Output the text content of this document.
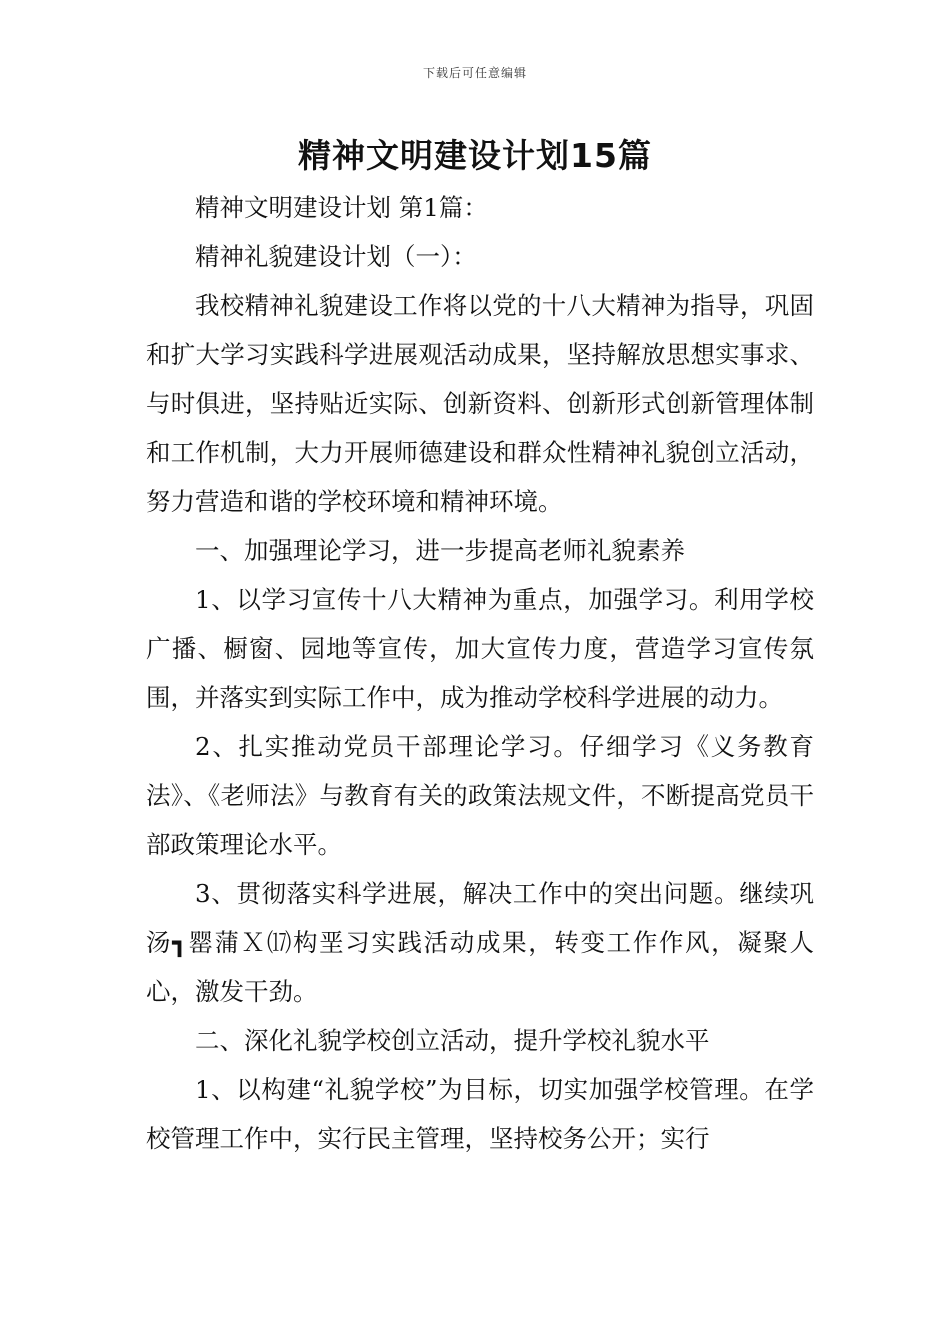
下载后可任意编辑
精神文明建设计划15篇

精神文明建设计划 第1篇：

精神礼貌建设计划（一）：

我校精神礼貌建设工作将以党的十八大精神为指导，巩固和扩大学习实践科学进展观活动成果，坚持解放思想实事求、与时俱进，坚持贴近实际、创新资料、创新形式创新管理体制和工作机制，大力开展师德建设和群众性精神礼貌创立活动，努力营造和谐的学校环境和精神环境。

一、加强理论学习，进一步提高老师礼貌素养

1、以学习宣传十八大精神为重点，加强学习。利用学校广播、橱窗、园地等宣传，加大宣传力度，营造学习宣传氛围，并落实到实际工作中，成为推动学校科学进展的动力。

2、扎实推动党员干部理论学习。仔细学习《义务教育法》、《老师法》与教育有关的政策法规文件，不断提高党员干部政策理论水平。

3、贯彻落实科学进展，解决工作中的突出问题。继续巩汤┓罂蒲Ｘ⒄构垩习实践活动成果，转变工作作风，凝聚人心，激发干劲。

二、深化礼貌学校创立活动，提升学校礼貌水平

1、以构建“礼貌学校”为目标，切实加强学校管理。在学校管理工作中，实行民主管理，坚持校务公开；实行
